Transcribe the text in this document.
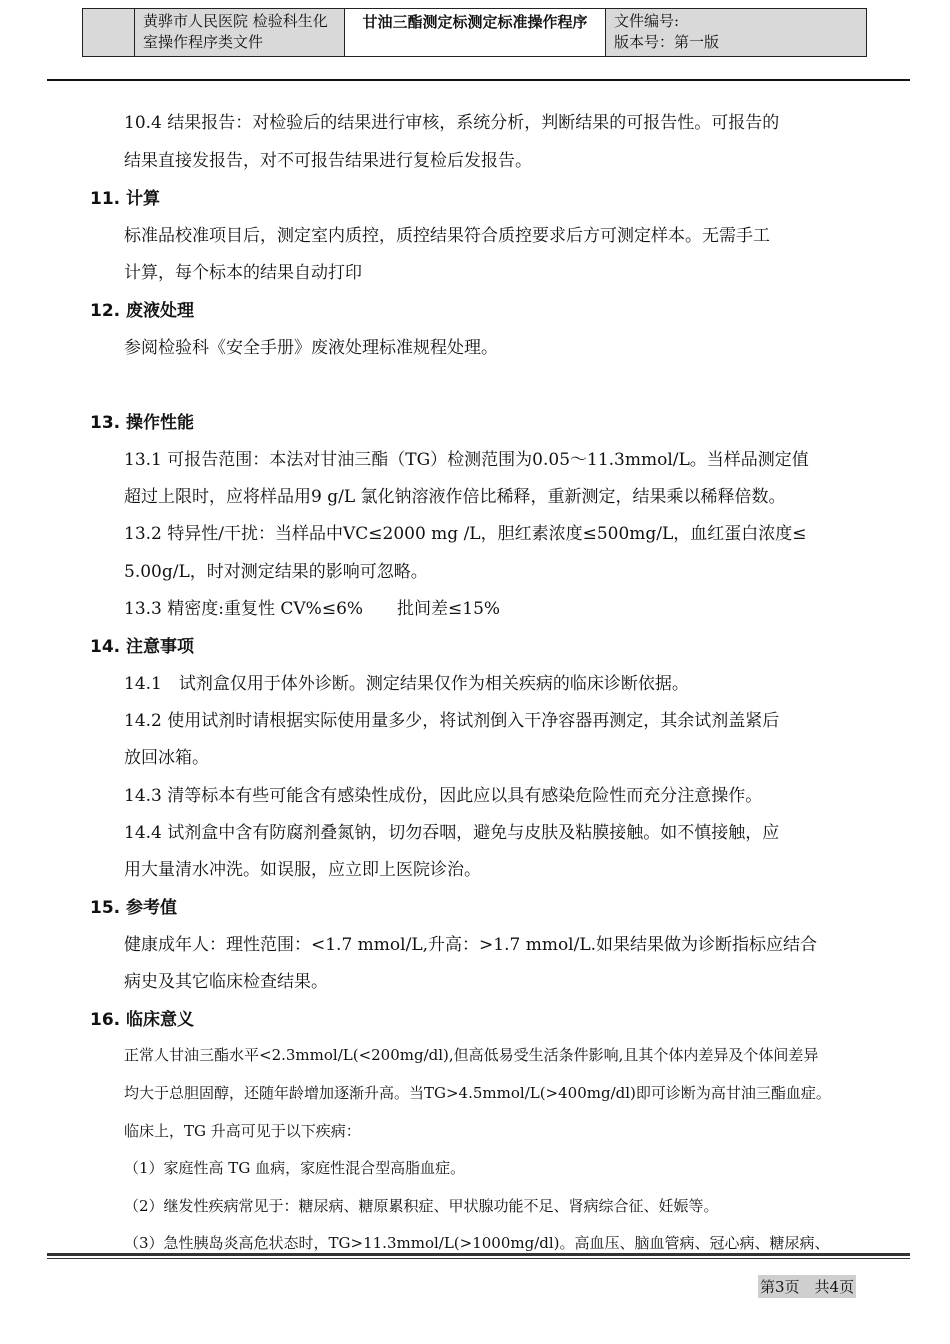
黄骅市人民医院 检验科生化室操作程序类文件
甘油三酯测定标测定标准操作程序	文件编号:
版本号：第一版
10.4 结果报告：对检验后的结果进行审核，系统分析，判断结果的可报告性。可报告的
结果直接发报告，对不可报告结果进行复检后发报告。
11. 计算
标准品校准项目后，测定室内质控，质控结果符合质控要求后方可测定样本。无需手工
计算，每个标本的结果自动打印
12. 废液处理
参阅检验科《安全手册》废液处理标准规程处理。
13. 操作性能
13.1 可报告范围：本法对甘油三酯（TG）检测范围为0.05～11.3mmol/L。当样品测定值
超过上限时，应将样品用9 g/L 氯化钠溶液作倍比稀释，重新测定，结果乘以稀释倍数。
13.2 特异性/干扰：当样品中VC≤2000 mg /L，胆红素浓度≤500mg/L，血红蛋白浓度≤
5.00g/L，时对测定结果的影响可忽略。
13.3 精密度:重复性 CV%≤6%　　批间差≤15%
14. 注意事项
14.1　试剂盒仅用于体外诊断。测定结果仅作为相关疾病的临床诊断依据。
14.2 使用试剂时请根据实际使用量多少，将试剂倒入干净容器再测定，其余试剂盖紧后
放回冰箱。
14.3 清等标本有些可能含有感染性成份，因此应以具有感染危险性而充分注意操作。
14.4 试剂盒中含有防腐剂叠氮钠，切勿吞咽，避免与皮肤及粘膜接触。如不慎接触，应
用大量清水冲洗。如误服，应立即上医院诊治。
15. 参考值
健康成年人：理性范围：<1.7 mmol/L,升高：>1.7 mmol/L.如果结果做为诊断指标应结合
病史及其它临床检查结果。
16. 临床意义
正常人甘油三酯水平<2.3mmol/L(<200mg/dl),但高低易受生活条件影响,且其个体内差异及个体间差异
均大于总胆固醇，还随年龄增加逐渐升高。当TG>4.5mmol/L(>400mg/dl)即可诊断为高甘油三酯血症。
临床上，TG 升高可见于以下疾病：
（1）家庭性高 TG 血病，家庭性混合型高脂血症。
（2）继发性疾病常见于：糖尿病、糖原累积症、甲状腺功能不足、肾病综合征、妊娠等。
（3）急性胰岛炎高危状态时，TG>11.3mmol/L(>1000mg/dl)。高血压、脑血管病、冠心病、糖尿病、
第3页　共4页
